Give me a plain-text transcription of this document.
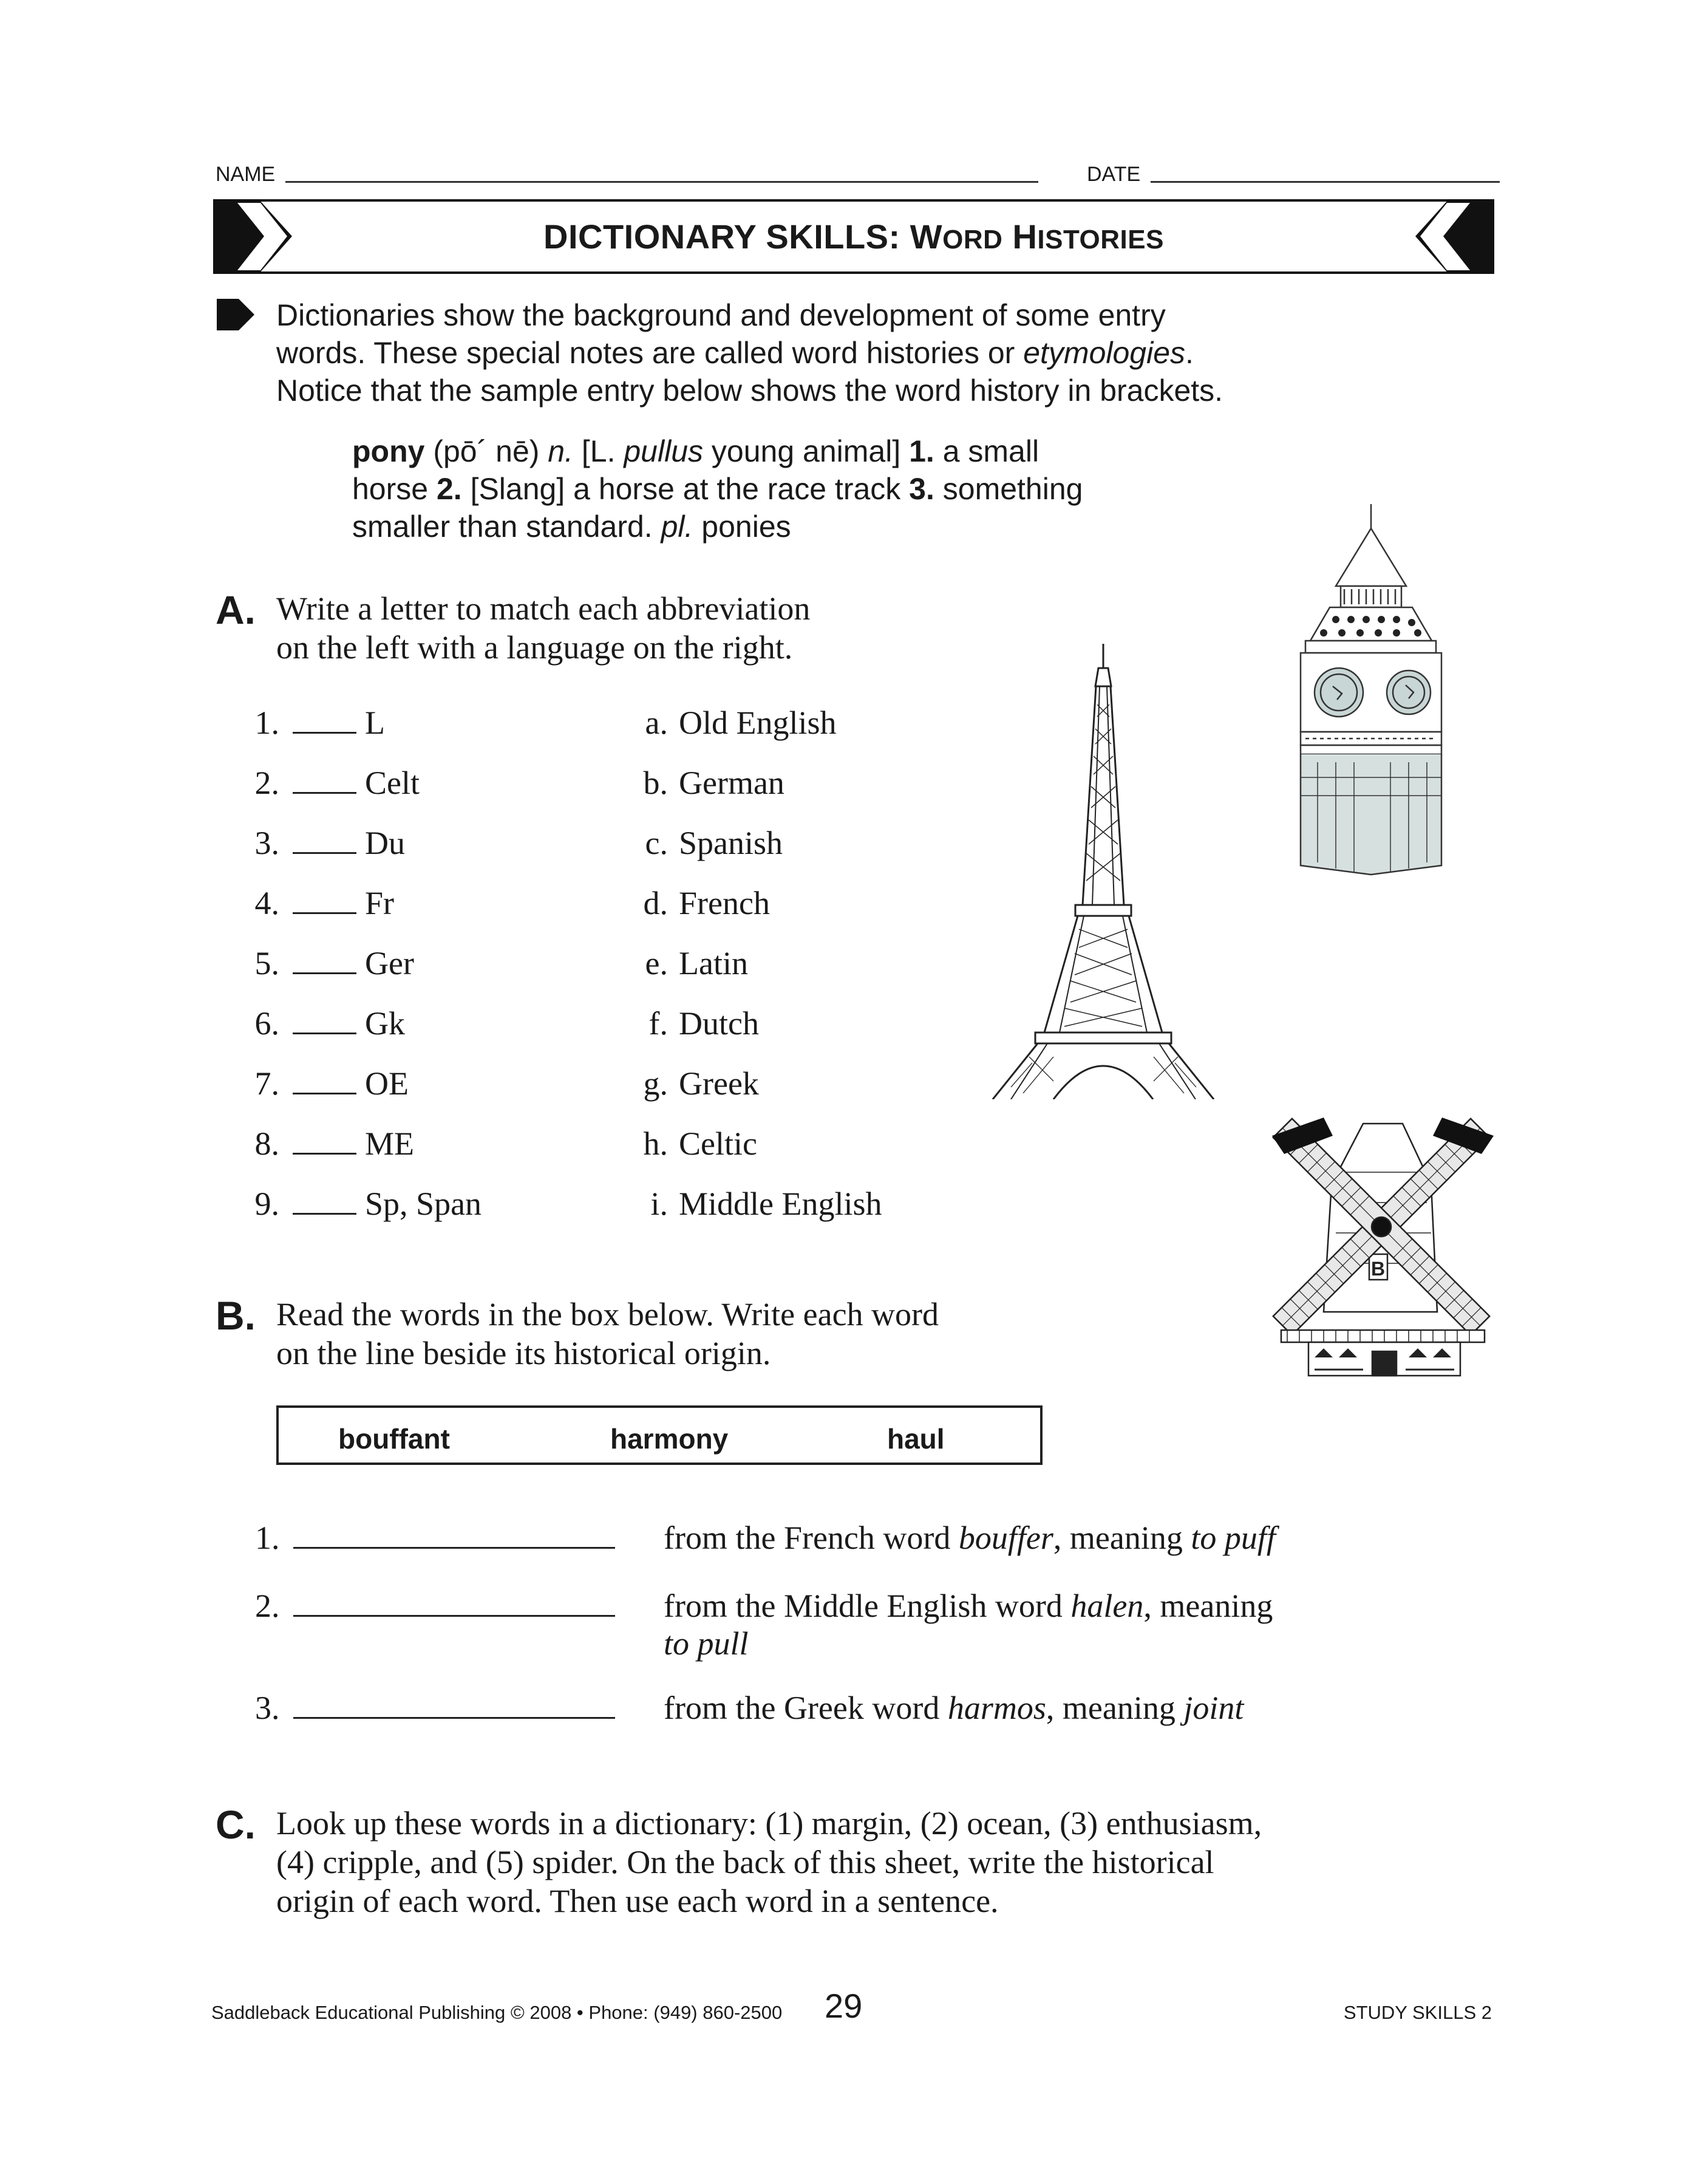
NAME	DATE
DICTIONARY SKILLS: WORD HISTORIES
Dictionaries show the background and development of some entry
words. These special notes are called word histories or etymologies.
Notice that the sample entry below shows the word history in brackets.
pony (pō´ nē) n. [L. pullus young animal] 1. a small
horse 2. [Slang] a horse at the race track 3. something
smaller than standard. pl. ponies
A. Write a letter to match each abbreviation
on the left with a language on the right.
1.	L	a. Old English
2.	Celt	b. German
3.	Du	c. Spanish
4.	Fr	d. French
5.	Ger	e. Latin
6.	Gk	f. Dutch
7.	OE	g. Greek
8.	ME	h. Celtic
9.	Sp, Span	i. Middle English
B. Read the words in the box below. Write each word
on the line beside its historical origin.
bouffant	harmony	haul
1.	from the French word bouffer, meaning to puff
2.	from the Middle English word halen, meaning
to pull
3.	from the Greek word harmos, meaning joint
C. Look up these words in a dictionary: (1) margin, (2) ocean, (3) enthusiasm,
(4) cripple, and (5) spider. On the back of this sheet, write the historical
origin of each word. Then use each word in a sentence.
B
Saddleback Educational Publishing © 2008 • Phone: (949) 860-2500 29	STUDY SKILLS 2
